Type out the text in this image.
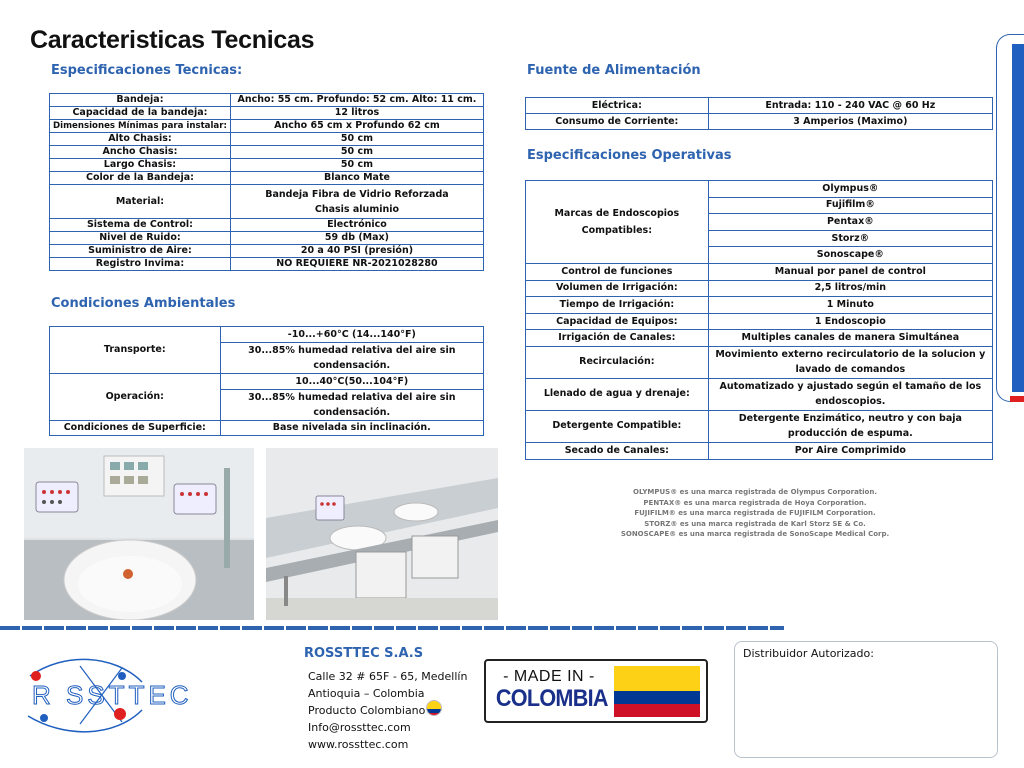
Caracteristicas Tecnicas
Especificaciones Tecnicas:
Bandeja:	Ancho: 55 cm. Profundo: 52 cm. Alto: 11 cm.
Capacidad de la bandeja:	12 litros
Dimensiones Mínimas para instalar:	Ancho 65 cm x Profundo 62 cm
Alto Chasis:	50 cm
Ancho Chasis:	50 cm
Largo Chasis:	50 cm
Color de la Bandeja:	Blanco Mate
Material:	Bandeja Fibra de Vidrio Reforzada
Chasis aluminio

Sistema de Control:	Electrónico
Nivel de Ruido:	59 db (Max)
Suministro de Aire:	20 a 40 PSI (presión)
Registro Invima:	NO REQUIERE NR-2021028280
Condiciones Ambientales
Transporte:	-10...+60°C (14...140°F)

	30...85% humedad relativa del aire sin
condensación.

Operación:	10...40°C(50...104°F)

	30...85% humedad relativa del aire sin
condensación.

Condiciones de Superficie:	Base nivelada sin inclinación.
Fuente de Alimentación
Eléctrica:	Entrada: 110 - 240 VAC @ 60 Hz
Consumo de Corriente:	3 Amperios (Maximo)
Especificaciones Operativas
Marcas de Endoscopios
Compatibles:	Olympus®
	Fujifilm®
	Pentax®
	Storz®
	Sonoscape®
Control de funciones	Manual por panel de control
Volumen de Irrigación:	2,5 litros/min
Tiempo de Irrigación:	1 Minuto
Capacidad de Equipos:	1 Endoscopio
Irrigación de Canales:	Multiples canales de manera Simultánea
Recirculación:	Movimiento externo recirculatorio de la solucion y
lavado de comandos

Llenado de agua y drenaje:	Automatizado y ajustado según el tamaño de los
endoscopios.

Detergente Compatible:	Detergente Enzimático, neutro y con baja
producción de espuma.

Secado de Canales:	Por Aire Comprimido
OLYMPUS® es una marca registrada de Olympus Corporation.
PENTAX® es una marca registrada de Hoya Corporation.
FUJIFILM® es una marca registrada de FUJIFILM Corporation.
STORZ® es una marca registrada de Karl Storz SE & Co.
SONOSCAPE® es una marca registrada de SonoScape Medical Corp.
R SSTTEC
ROSSTTEC S.A.S
Calle 32 # 65F - 65, Medellín
Antioquia – Colombia
Producto Colombiano
Info@rossttec.com
www.rossttec.com
- MADE IN -
COLOMBIA
Distribuidor Autorizado:
